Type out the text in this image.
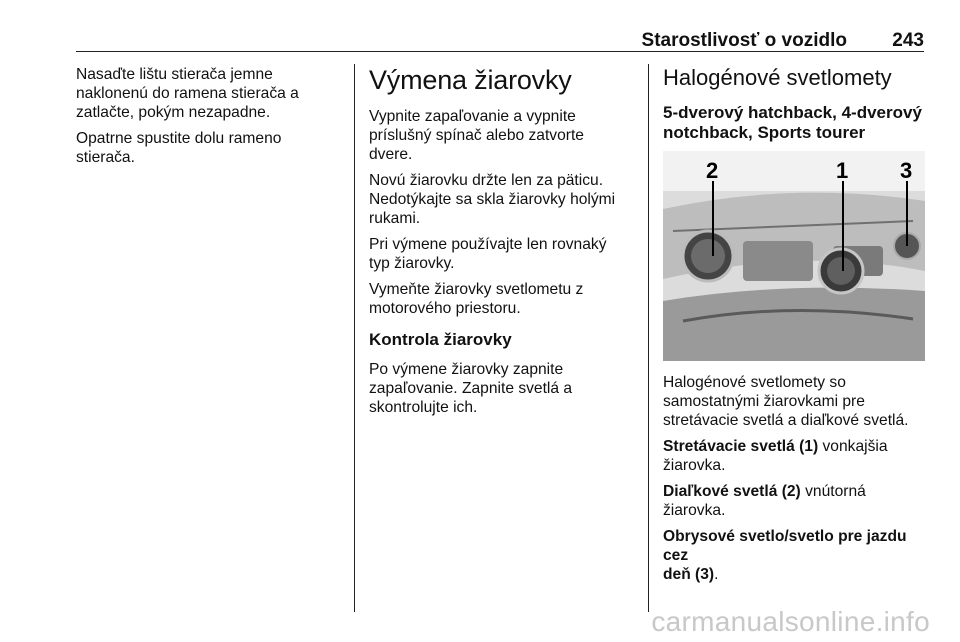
Starostlivosť o vozidlo 243

Nasaďte lištu stierača jemne
naklonenú do ramena stierača a
zatlačte, pokým nezapadne.

Opatrne spustite dolu rameno
stierača.

Výmena žiarovky

Vypnite zapaľovanie a vypnite
príslušný spínač alebo zatvorte
dvere.

Novú žiarovku držte len za päticu.
Nedotýkajte sa skla žiarovky holými
rukami.

Pri výmene používajte len rovnaký
typ žiarovky.

Vymeňte žiarovky svetlometu z
motorového priestoru.

Kontrola žiarovky

Po výmene žiarovky zapnite
zapaľovanie. Zapnite svetlá a
skontrolujte ich.

Halogénové svetlomety
5-dverový hatchback, 4-dverový
notchback, Sports tourer
2	1 3

Halogénové svetlomety so
samostatnými žiarovkami pre
stretávacie svetlá a diaľkové svetlá.

Stretávacie svetlá (1) vonkajšia
žiarovka.

Diaľkové svetlá (2) vnútorná žiarovka.

Obrysové svetlo/svetlo pre jazdu cez
deň (3).

carmanualsonline.info
